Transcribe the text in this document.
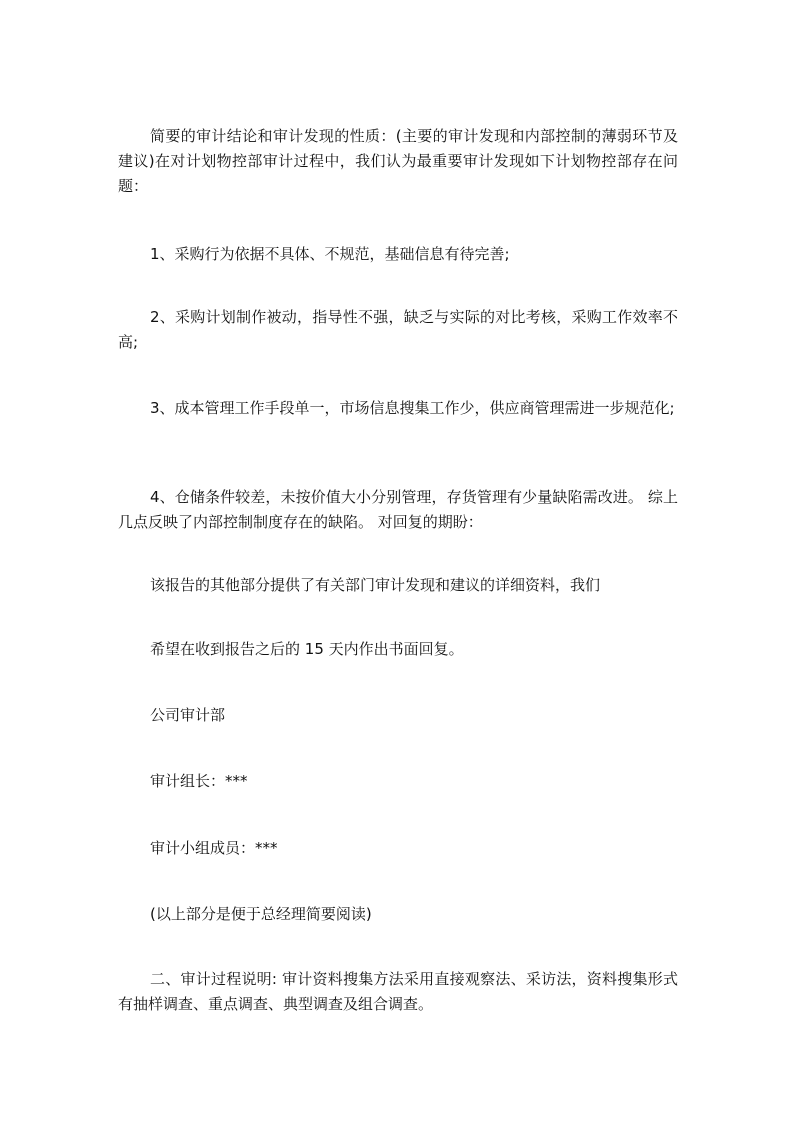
简要的审计结论和审计发现的性质：(主要的审计发现和内部控制的薄弱环节及建议)在对计划物控部审计过程中，我们认为最重要审计发现如下计划物控部存在问题：

1、采购行为依据不具体、不规范，基础信息有待完善;

2、采购计划制作被动，指导性不强，缺乏与实际的对比考核，采购工作效率不高;

3、成本管理工作手段单一，市场信息搜集工作少，供应商管理需进一步规范化;

4、仓储条件较差，未按价值大小分别管理，存货管理有少量缺陷需改进。 综上几点反映了内部控制制度存在的缺陷。 对回复的期盼：

该报告的其他部分提供了有关部门审计发现和建议的详细资料，我们

希望在收到报告之后的 15 天内作出书面回复。

公司审计部

审计组长：***

审计小组成员：***

(以上部分是便于总经理简要阅读)

二、审计过程说明: 审计资料搜集方法采用直接观察法、采访法，资料搜集形式有抽样调查、重点调查、典型调查及组合调查。
